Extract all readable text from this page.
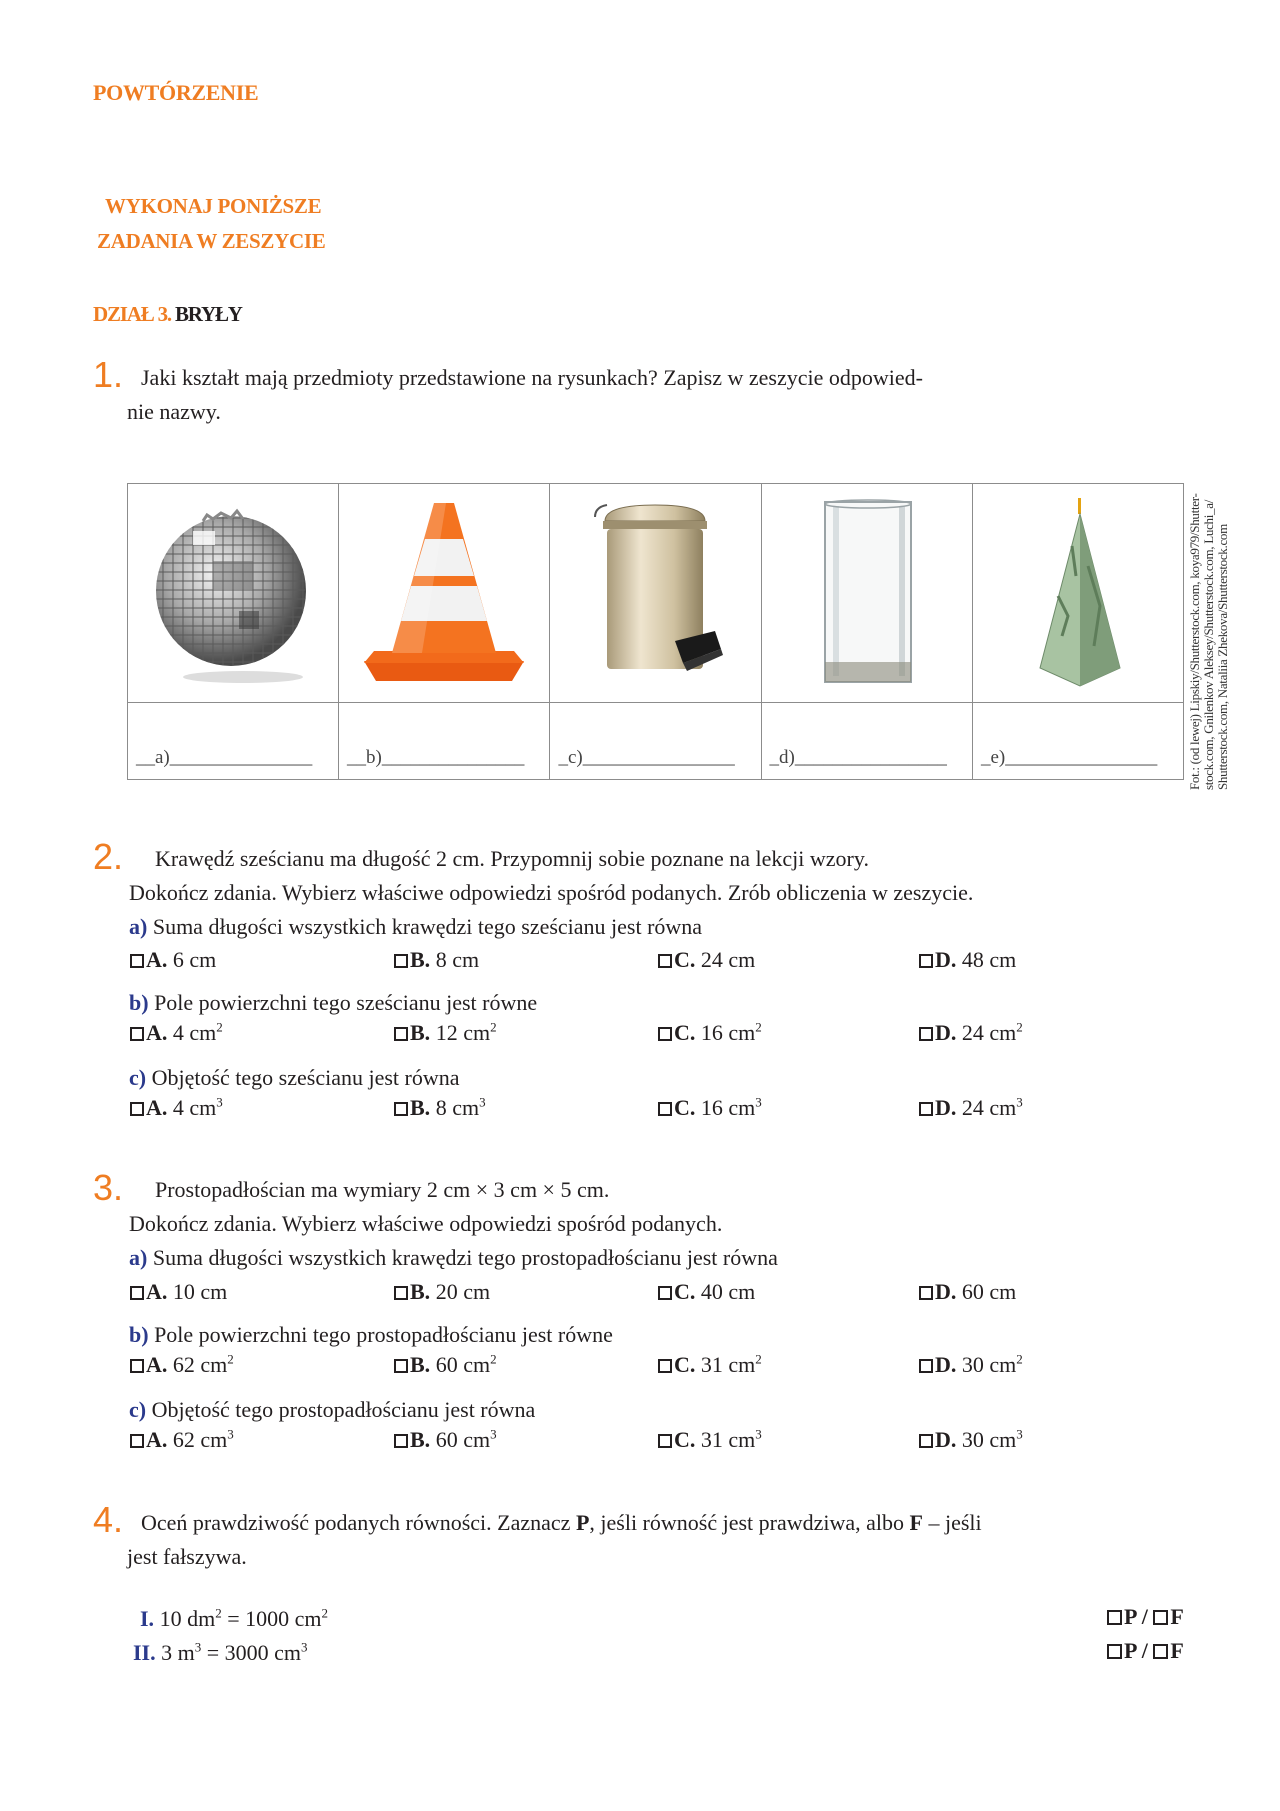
POWTÓRZENIE
WYKONAJ PONIŻSZE
ZADANIA W ZESZYCIE
DZIAŁ 3. BRYŁY
1. Jaki kształt mają przedmioty przedstawione na rysunkach? Zapisz w zeszycie odpowied-
nie nazwy.

__a)_______________	__b)_______________	_c)________________	_d)________________	_e)________________ Fot.: (od lewej) Lipskiy/Shutterstock.com, koya979/Shutter-stock.com, Gnilenkov Aleksey/Shutterstock.com, Luchi_a/ Shutterstock.com, Nataliia Zhekova/Shutterstock.com
2. Krawędź sześcianu ma długość 2 cm. Przypomnij sobie poznane na lekcji wzory.
Dokończ zdania. Wybierz właściwe odpowiedzi spośród podanych. Zrób obliczenia w zeszycie.
a) Suma długości wszystkich krawędzi tego sześcianu jest równa
A. 6 cm	B. 8 cm	C. 24 cm	D. 48 cm
b) Pole powierzchni tego sześcianu jest równe
A. 4 $cm^2$	B. 12 $cm^2$	C. 16 $cm^2$	D. 24 $cm^2$
c) Objętość tego sześcianu jest równa
A. 4 $cm^3$	B. 8 $cm^3$	C. 16 $cm^3$	D. 24 $cm^3$
3. Prostopadłościan ma wymiary 2 cm × 3 cm × 5 cm.
Dokończ zdania. Wybierz właściwe odpowiedzi spośród podanych.
a) Suma długości wszystkich krawędzi tego prostopadłościanu jest równa
A. 10 cm	B. 20 cm	C. 40 cm	D. 60 cm
b) Pole powierzchni tego prostopadłościanu jest równe
A. 62 $cm^2$	B. 60 $cm^2$	C. 31 $cm^2$	D. 30 $cm^2$
c) Objętość tego prostopadłościanu jest równa
A. 62 $cm^3$	B. 60 $cm^3$	C. 31 $cm^3$	D. 30 $cm^3$
4. Oceń prawdziwość podanych równości. Zaznacz P, jeśli równość jest prawdziwa, albo F – jeśli
jest fałszywa.
I. 10 $dm^2 = 1000$ $cm^2$	P / F
II. 3 $m^3 = 3000$ $cm^3$	P / F
